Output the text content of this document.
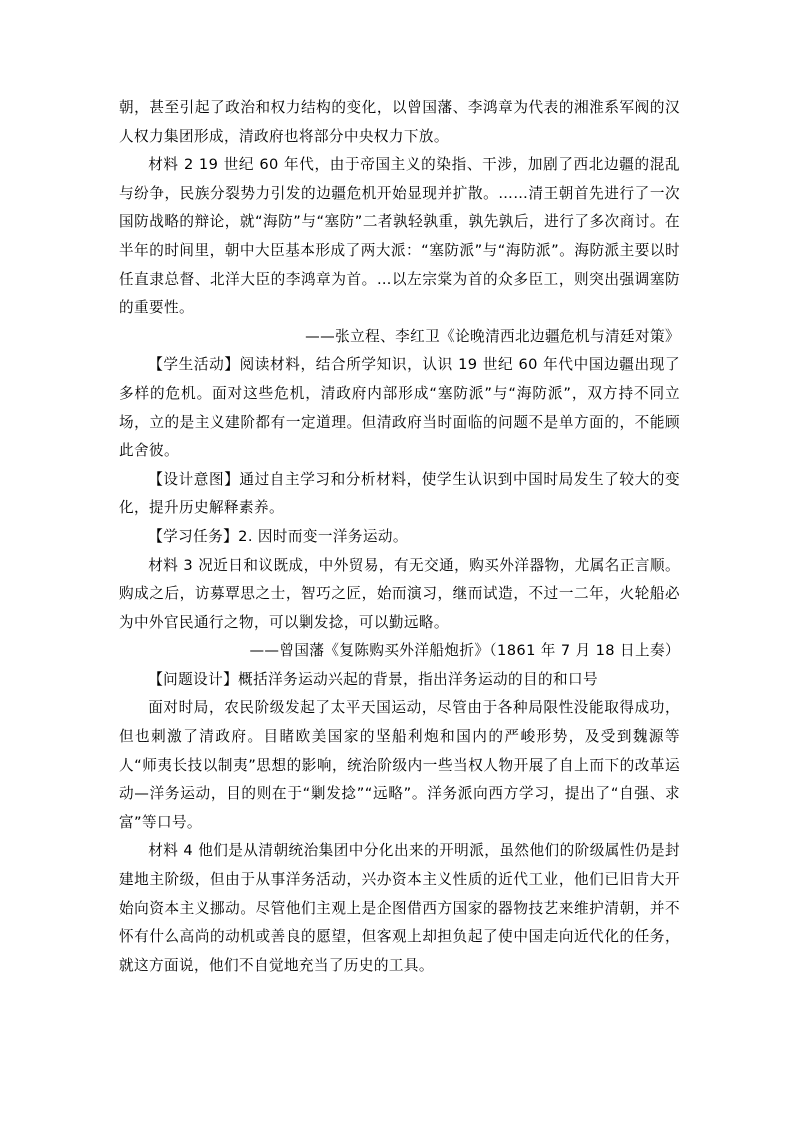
朝，甚至引起了政治和权力结构的变化，以曾国藩、李鸿章为代表的湘淮系军阀的汉人权力集团形成，清政府也将部分中央权力下放。

材料 2 19 世纪 60 年代，由于帝国主义的染指、干涉，加剧了西北边疆的混乱与纷争，民族分裂势力引发的边疆危机开始显现并扩散。……清王朝首先进行了一次国防战略的辩论，就“海防”与“塞防”二者孰轻孰重，孰先孰后，进行了多次商讨。在半年的时间里，朝中大臣基本形成了两大派：“塞防派”与“海防派”。海防派主要以时任直隶总督、北洋大臣的李鸿章为首。…以左宗棠为首的众多臣工，则突出强调塞防的重要性。

——张立程、李红卫《论晚清西北边疆危机与清廷对策》

【学生活动】阅读材料，结合所学知识，认识 19 世纪 60 年代中国边疆出现了多样的危机。面对这些危机，清政府内部形成“塞防派”与“海防派”，双方持不同立场，立的是主义建阶都有一定道理。但清政府当时面临的问题不是单方面的，不能顾此舍彼。

【设计意图】通过自主学习和分析材料，使学生认识到中国时局发生了较大的变化，提升历史解释素养。

【学习任务】2. 因时而变一洋务运动。

材料 3 况近日和议既成，中外贸易，有无交通，购买外洋器物，尤属名正言顺。购成之后，访募覃思之士，智巧之匠，始而演习，继而试造，不过一二年，火轮船必为中外官民通行之物，可以剿发捻，可以勤远略。

——曾国藩《复陈购买外洋船炮折》（1861 年 7 月 18 日上奏）

【问题设计】概括洋务运动兴起的背景，指出洋务运动的目的和口号

面对时局，农民阶级发起了太平天国运动，尽管由于各种局限性没能取得成功，但也刺激了清政府。目睹欧美国家的坚船利炮和国内的严峻形势，及受到魏源等人“师夷长技以制夷”思想的影响，统治阶级内一些当权人物开展了自上而下的改革运动—洋务运动，目的则在于“剿发捻”“远略”。洋务派向西方学习，提出了“自强、求富”等口号。

材料 4 他们是从清朝统治集团中分化出来的开明派，虽然他们的阶级属性仍是封建地主阶级，但由于从事洋务活动，兴办资本主义性质的近代工业，他们已旧肯大开始向资本主义挪动。尽管他们主观上是企图借西方国家的器物技艺来维护清朝，并不怀有什么高尚的动机或善良的愿望，但客观上却担负起了使中国走向近代化的任务，就这方面说，他们不自觉地充当了历史的工具。
